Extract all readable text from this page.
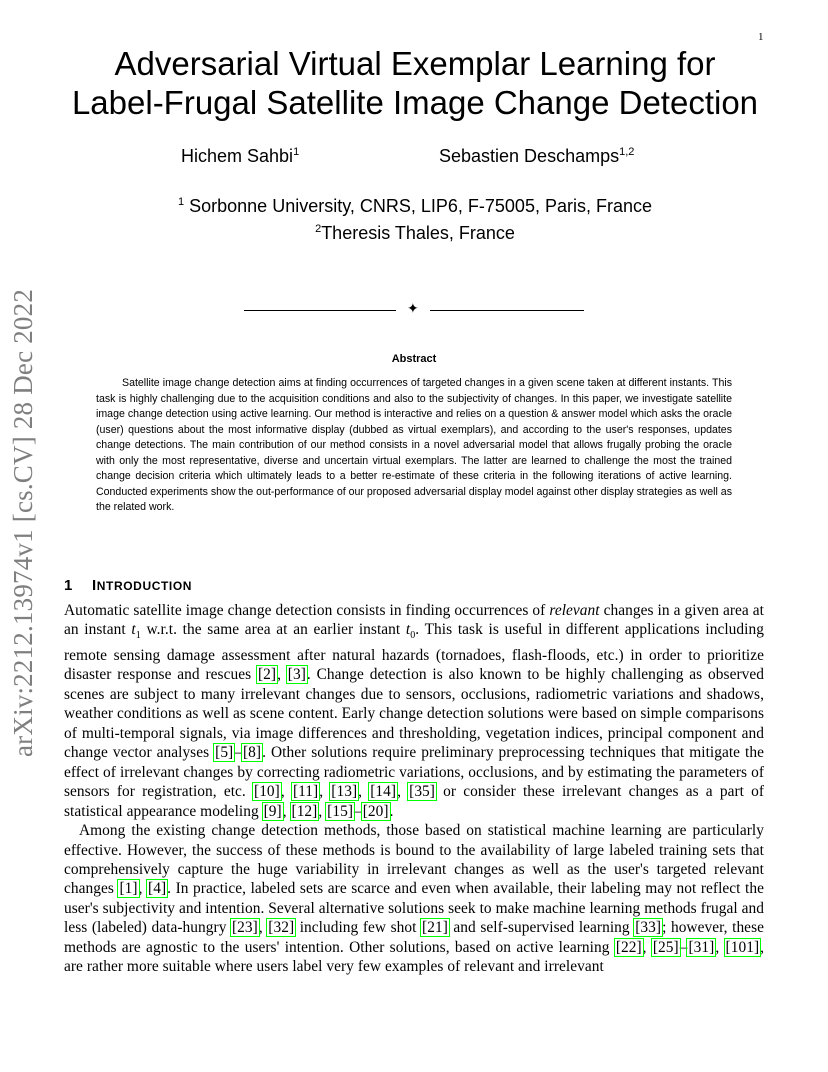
1
arXiv:2212.13974v1 [cs.CV] 28 Dec 2022
Adversarial Virtual Exemplar Learning for
Label-Frugal Satellite Image Change Detection
Hichem Sahbi$^1$	Sebastien Deschamps$^{1,2}$
$^1$ Sorbonne University, CNRS, LIP6, F-75005, Paris, France
$^2$Theresis Thales, France
✦
Abstract

Satellite image change detection aims at finding occurrences of targeted changes in a given scene taken at different instants. This task is highly challenging due to the acquisition conditions and also to the subjectivity of changes. In this paper, we investigate satellite image change detection using active learning. Our method is interactive and relies on a question & answer model which asks the oracle (user) questions about the most informative display (dubbed as virtual exemplars), and according to the user's responses, updates change detections. The main contribution of our method consists in a novel adversarial model that allows frugally probing the oracle with only the most representative, diverse and uncertain virtual exemplars. The latter are learned to challenge the most the trained change decision criteria which ultimately leads to a better re-estimate of these criteria in the following iterations of active learning. Conducted experiments show the out-performance of our proposed adversarial display model against other display strategies as well as the related work.

1 INTRODUCTION

Automatic satellite image change detection consists in finding occurrences of relevant changes in a given area at an instant $t_1$ w.r.t. the same area at an earlier instant $t_0$. This task is useful in different applications including remote sensing damage assessment after natural hazards (tornadoes, flash-floods, etc.) in order to prioritize disaster response and rescues [2], [3]. Change detection is also known to be highly challenging as observed scenes are subject to many irrelevant changes due to sensors, occlusions, radiometric variations and shadows, weather conditions as well as scene content. Early change detection solutions were based on simple comparisons of multi-temporal signals, via image differences and thresholding, vegetation indices, principal component and change vector analyses [5]–[8]. Other solutions require preliminary preprocessing techniques that mitigate the effect of irrelevant changes by correcting radiometric variations, occlusions, and by estimating the parameters of sensors for registration, etc. [10], [11], [13], [14], [35] or consider these irrelevant changes as a part of statistical appearance modeling [9], [12], [15]–[20].

Among the existing change detection methods, those based on statistical machine learning are particularly effective. However, the success of these methods is bound to the availability of large labeled training sets that comprehensively capture the huge variability in irrelevant changes as well as the user's targeted relevant changes [1], [4]. In practice, labeled sets are scarce and even when available, their labeling may not reflect the user's subjectivity and intention. Several alternative solutions seek to make machine learning methods frugal and less (labeled) data-hungry [23], [32] including few shot [21] and self-supervised learning [33]; however, these methods are agnostic to the users' intention. Other solutions, based on active learning [22], [25]–[31], [101], are rather more suitable where users label very few examples of relevant and irrelevant
